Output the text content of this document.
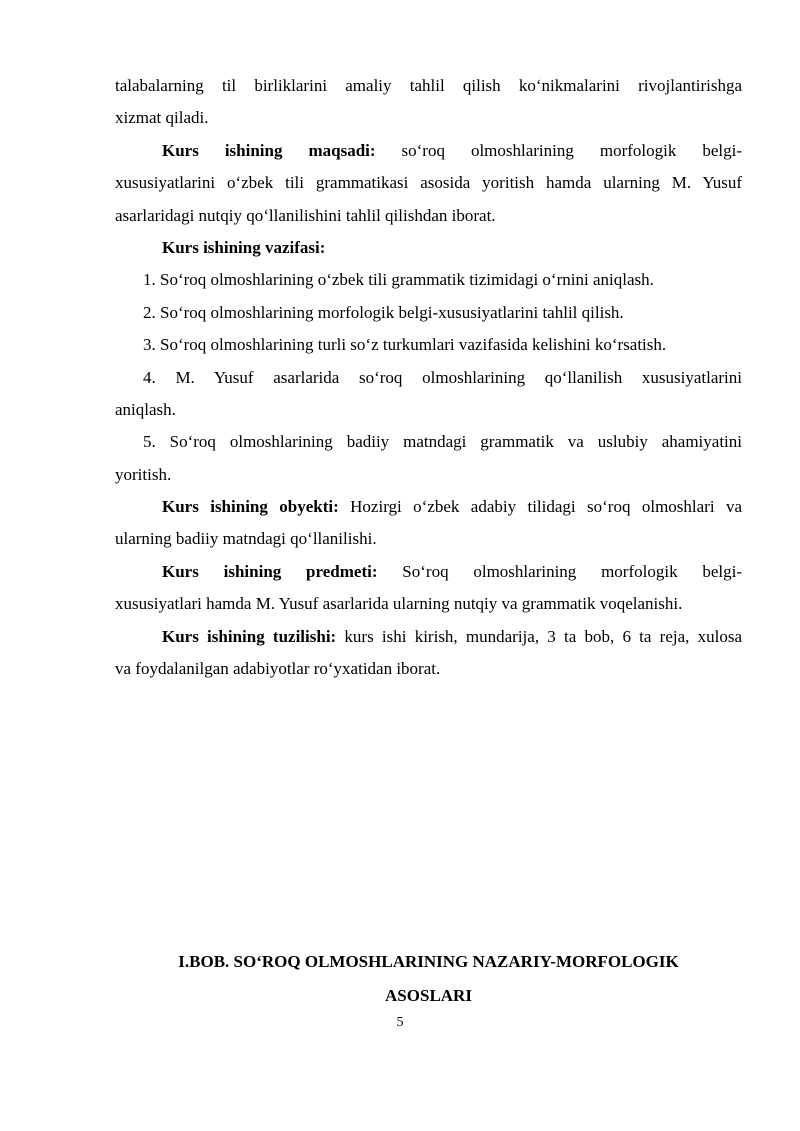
talabalarning til birliklarini amaliy tahlil qilish ko‘nikmalarini rivojlantirishga
xizmat qiladi.
Kurs ishining maqsadi: so‘roq olmoshlarining morfologik belgi-
xususiyatlarini o‘zbek tili grammatikasi asosida yoritish hamda ularning M. Yusuf
asarlaridagi nutqiy qo‘llanilishini tahlil qilishdan iborat.
Kurs ishining vazifasi:
1. So‘roq olmoshlarining o‘zbek tili grammatik tizimidagi o‘rnini aniqlash.
2. So‘roq olmoshlarining morfologik belgi-xususiyatlarini tahlil qilish.
3. So‘roq olmoshlarining turli so‘z turkumlari vazifasida kelishini ko‘rsatish.
4. M. Yusuf asarlarida so‘roq olmoshlarining qo‘llanilish xususiyatlarini
aniqlash.
5. So‘roq olmoshlarining badiiy matndagi grammatik va uslubiy ahamiyatini
yoritish.
Kurs ishining obyekti: Hozirgi o‘zbek adabiy tilidagi so‘roq olmoshlari va
ularning badiiy matndagi qo‘llanilishi.
Kurs ishining predmeti: So‘roq olmoshlarining morfologik belgi-
xususiyatlari hamda M. Yusuf asarlarida ularning nutqiy va grammatik voqelanishi.
Kurs ishining tuzilishi: kurs ishi kirish, mundarija, 3 ta bob, 6 ta reja, xulosa
va foydalanilgan adabiyotlar ro‘yxatidan iborat.
I.BOB. SO‘ROQ OLMOSHLARINING NAZARIY-MORFOLOGIK
ASOSLARI
5
